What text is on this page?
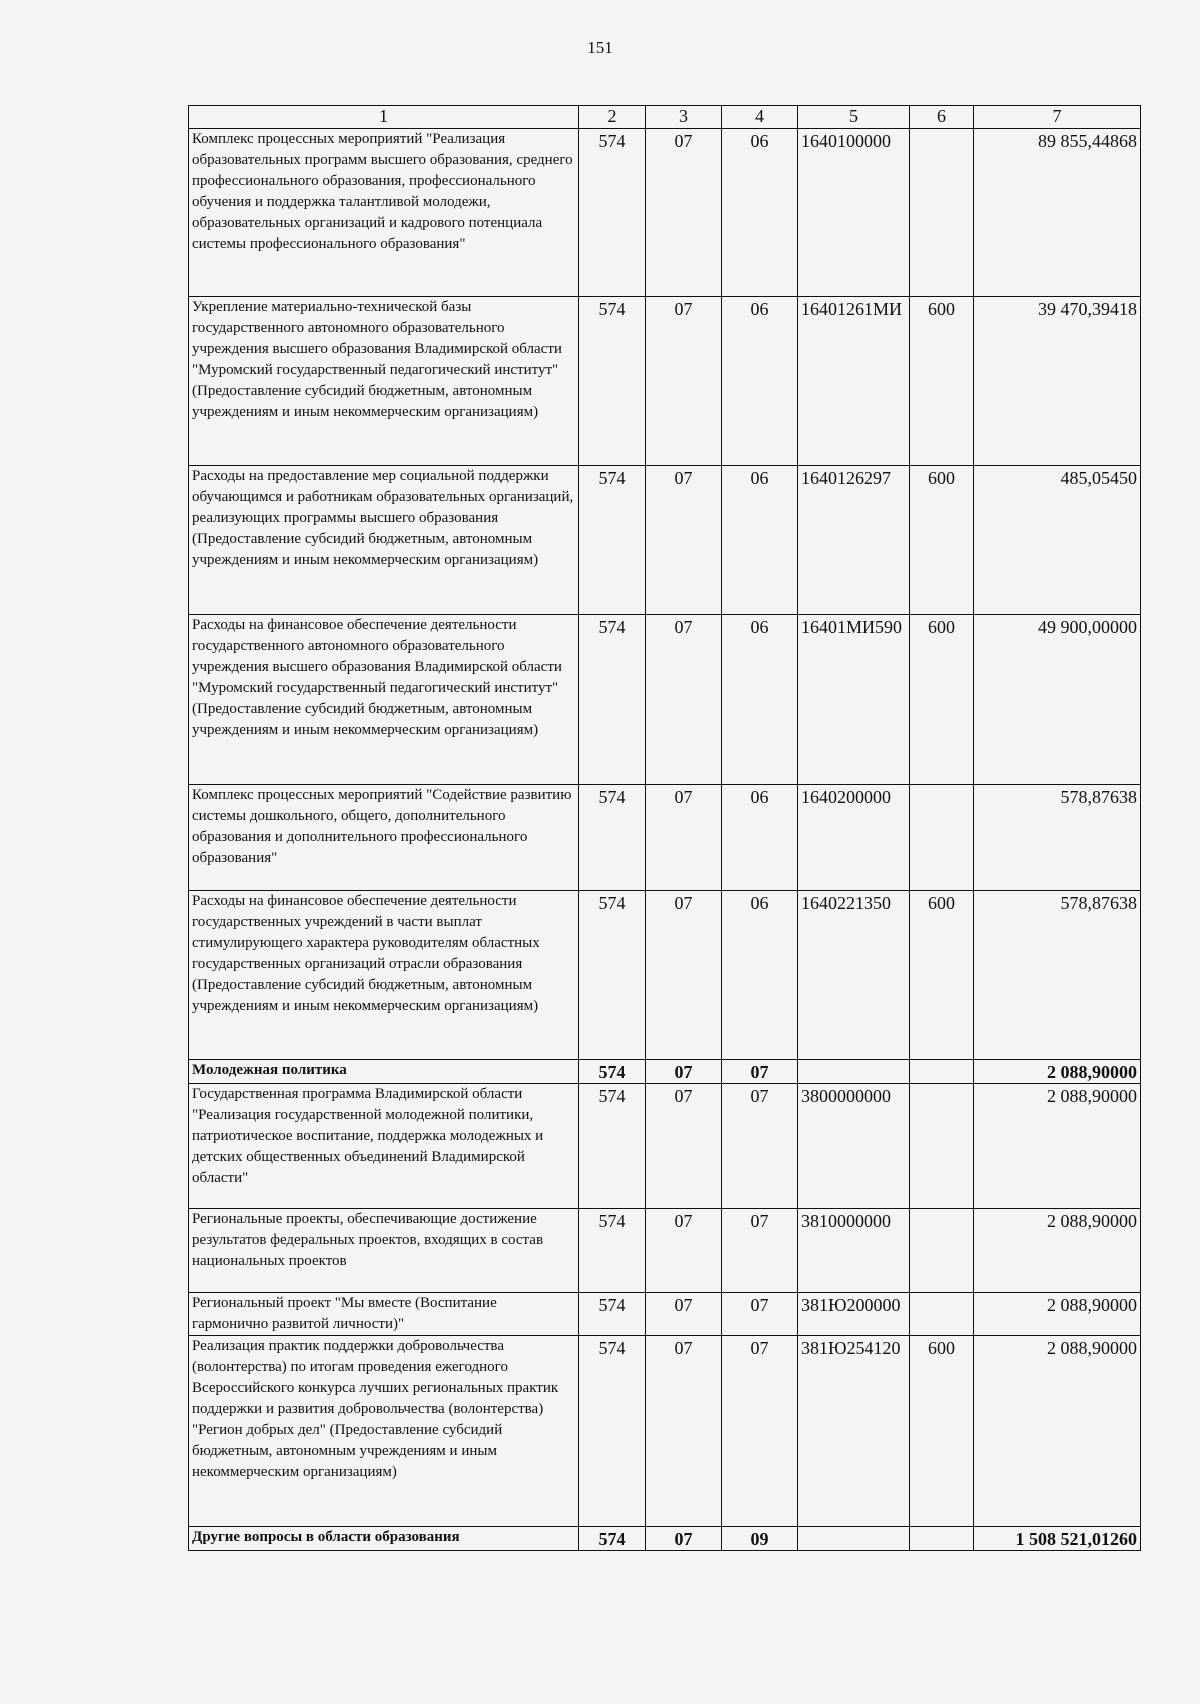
151
1	2	3	4	5	6	7
Комплекс процессных мероприятий "Реализация образовательных программ высшего образования, среднего профессионального образования, профессионального обучения и поддержка талантливой молодежи, образовательных организаций и кадрового потенциала системы профессионального образования"	574	07	06	1640100000		89 855,44868
Укрепление материально-технической базы государственного автономного образовательного учреждения высшего образования Владимирской области "Муромский государственный педагогический институт" (Предоставление субсидий бюджетным, автономным учреждениям и иным некоммерческим организациям)	574	07	06	16401261МИ	600	39 470,39418
Расходы на предоставление мер социальной поддержки обучающимся и работникам образовательных организаций, реализующих программы высшего образования (Предоставление субсидий бюджетным, автономным учреждениям и иным некоммерческим организациям)	574	07	06	1640126297	600	485,05450
Расходы на финансовое обеспечение деятельности государственного автономного образовательного учреждения высшего образования Владимирской области "Муромский государственный педагогический институт" (Предоставление субсидий бюджетным, автономным учреждениям и иным некоммерческим организациям)	574	07	06	16401МИ590	600	49 900,00000
Комплекс процессных мероприятий "Содействие развитию системы дошкольного, общего, дополнительного образования и дополнительного профессионального образования"	574	07	06	1640200000		578,87638
Расходы на финансовое обеспечение деятельности государственных учреждений в части выплат стимулирующего характера руководителям областных государственных организаций отрасли образования (Предоставление субсидий бюджетным, автономным учреждениям и иным некоммерческим организациям)	574	07	06	1640221350	600	578,87638
Молодежная политика	574	07	07			2 088,90000
Государственная программа Владимирской области "Реализация государственной молодежной политики, патриотическое воспитание, поддержка молодежных и детских общественных объединений Владимирской области"	574	07	07	3800000000		2 088,90000
Региональные проекты, обеспечивающие достижение результатов федеральных проектов, входящих в состав национальных проектов	574	07	07	3810000000		2 088,90000
Региональный проект "Мы вместе (Воспитание гармонично развитой личности)"	574	07	07	381Ю200000		2 088,90000
Реализация практик поддержки добровольчества (волонтерства) по итогам проведения ежегодного Всероссийского конкурса лучших региональных практик поддержки и развития добровольчества (волонтерства) "Регион добрых дел" (Предоставление субсидий бюджетным, автономным учреждениям и иным некоммерческим организациям)	574	07	07	381Ю254120	600	2 088,90000
Другие вопросы в области образования	574	07	09			1 508 521,01260
